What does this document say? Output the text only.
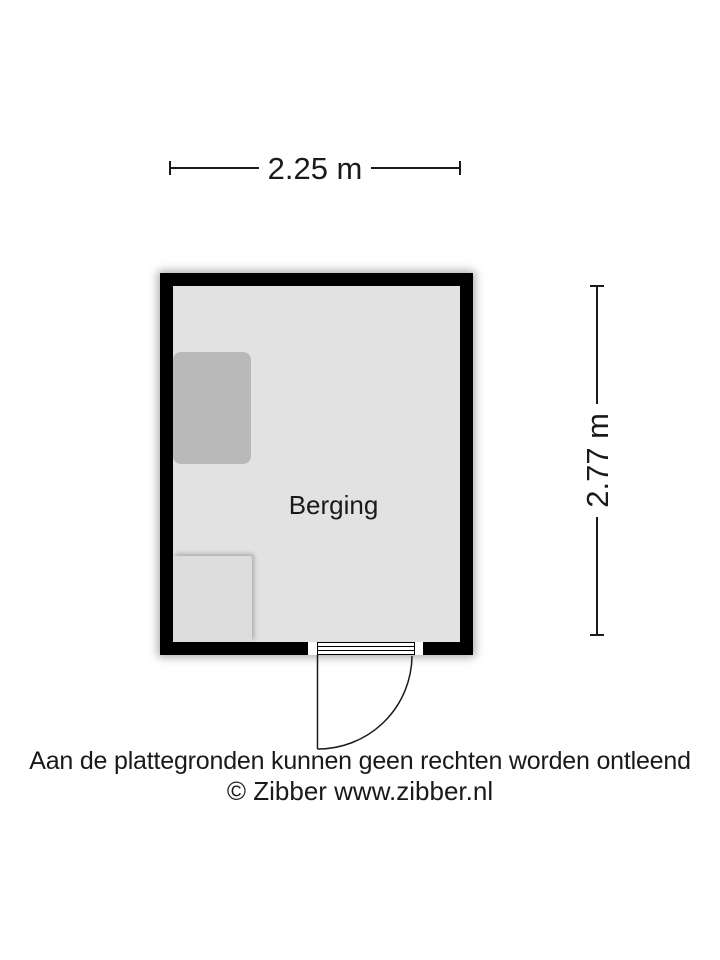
2.25 m
2.77 m
Berging
Aan de plattegronden kunnen geen rechten worden ontleend
© Zibber www.zibber.nl
